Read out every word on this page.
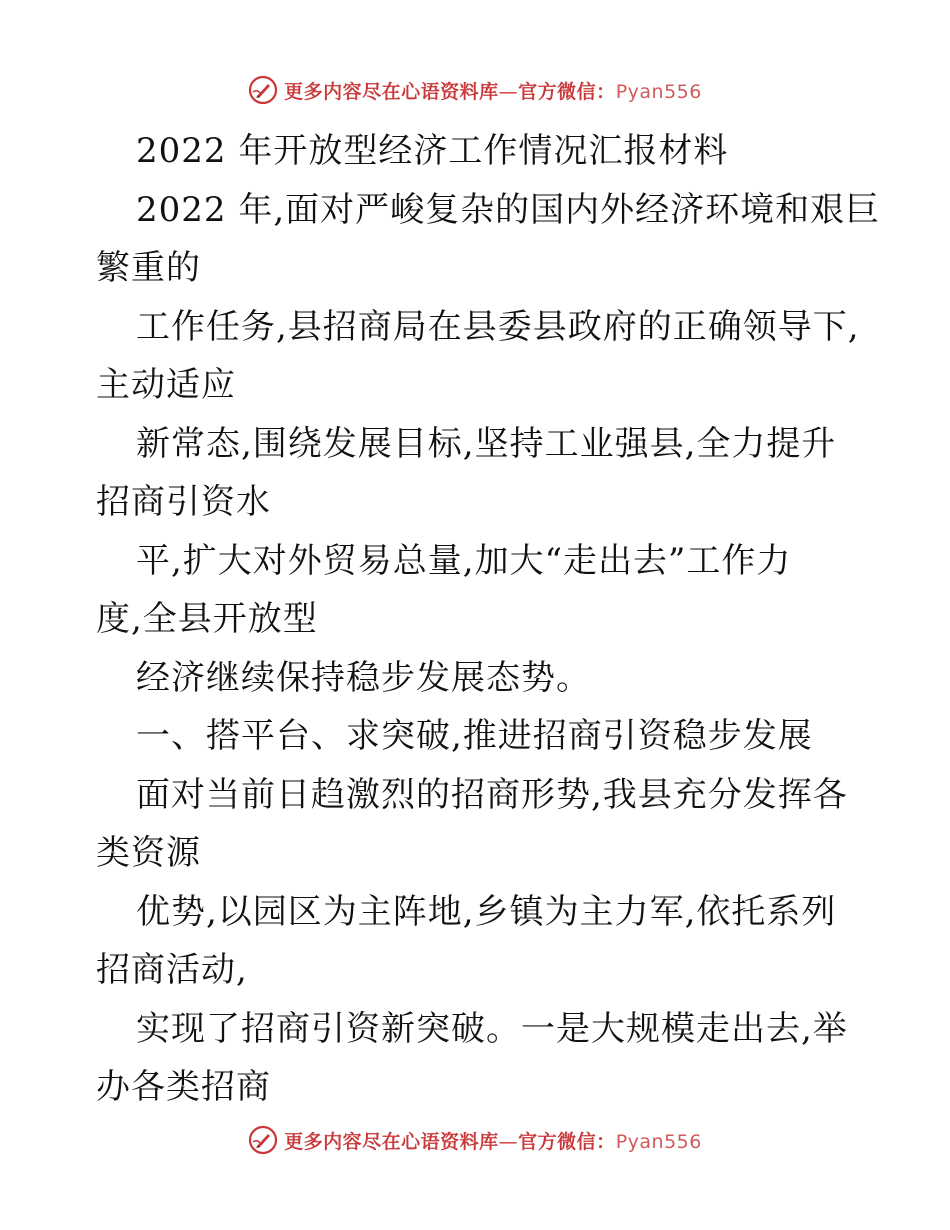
更多内容尽在心语资料库—官方微信：Pyan556
2022 年开放型经济工作情况汇报材料
2022 年,面对严峻复杂的国内外经济环境和艰巨
繁重的
工作任务,县招商局在县委县政府的正确领导下,
主动适应
新常态,围绕发展目标,坚持工业强县,全力提升
招商引资水
平,扩大对外贸易总量,加大“走出去”工作力
度,全县开放型
经济继续保持稳步发展态势。
一、搭平台、求突破,推进招商引资稳步发展
面对当前日趋激烈的招商形势,我县充分发挥各
类资源
优势,以园区为主阵地,乡镇为主力军,依托系列
招商活动,
实现了招商引资新突破。一是大规模走出去,举
办各类招商
更多内容尽在心语资料库—官方微信：Pyan556
